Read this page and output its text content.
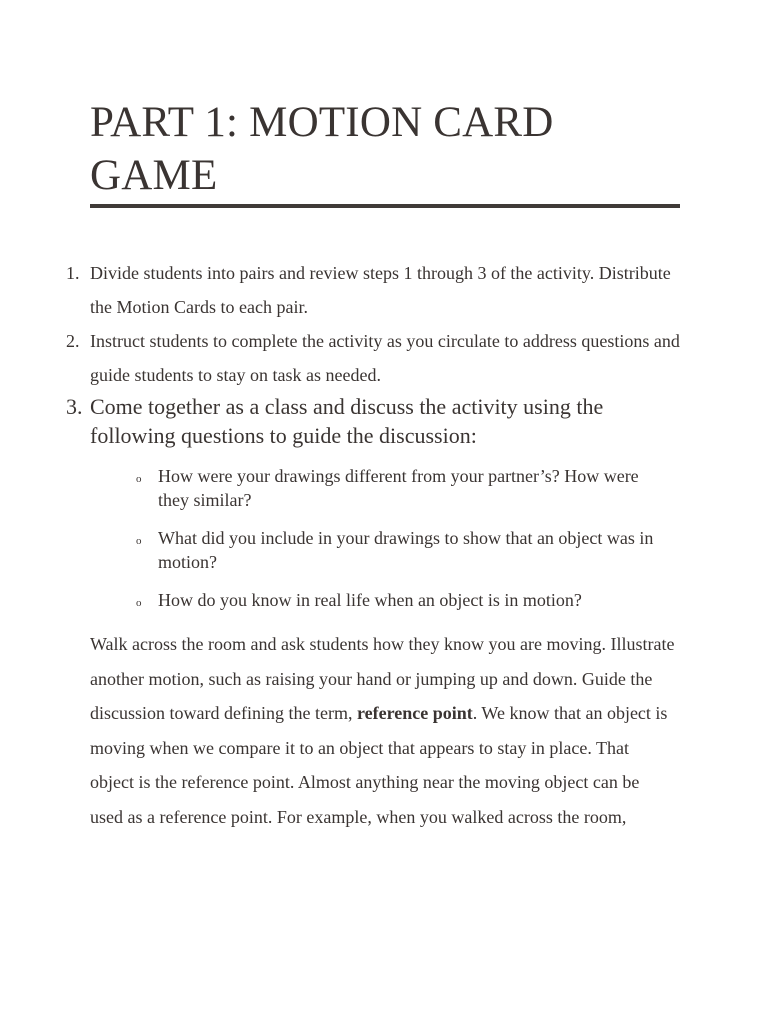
PART 1: MOTION CARD GAME
1. Divide students into pairs and review steps 1 through 3 of the activity. Distribute the Motion Cards to each pair.
2. Instruct students to complete the activity as you circulate to address questions and guide students to stay on task as needed.
3. Come together as a class and discuss the activity using the following questions to guide the discussion:
o How were your drawings different from your partner’s? How were they similar?
o What did you include in your drawings to show that an object was in motion?
o How do you know in real life when an object is in motion?

Walk across the room and ask students how they know you are moving. Illustrate another motion, such as raising your hand or jumping up and down. Guide the discussion toward defining the term, reference point. We know that an object is moving when we compare it to an object that appears to stay in place. That object is the reference point. Almost anything near the moving object can be used as a reference point. For example, when you walked across the room,
